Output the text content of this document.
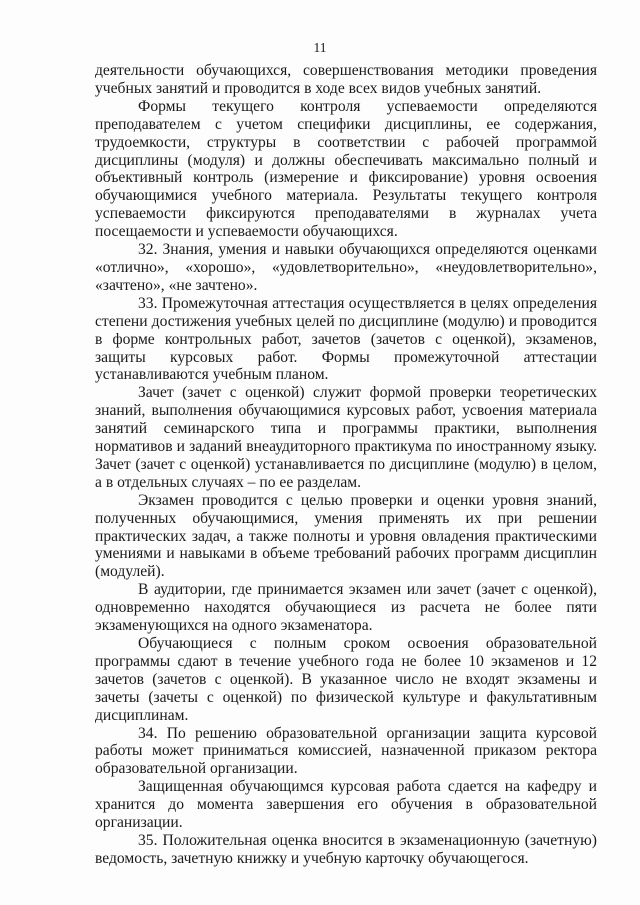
11

деятельности обучающихся, совершенствования методики проведения учебных занятий и проводится в ходе всех видов учебных занятий.

Формы текущего контроля успеваемости определяются преподавателем с учетом специфики дисциплины, ее содержания, трудоемкости, структуры в соответствии с рабочей программой дисциплины (модуля) и должны обеспечивать максимально полный и объективный контроль (измерение и фиксирование) уровня освоения обучающимися учебного материала. Результаты текущего контроля успеваемости фиксируются преподавателями в журналах учета посещаемости и успеваемости обучающихся.

32. Знания, умения и навыки обучающихся определяются оценками «отлично», «хорошо», «удовлетворительно», «неудовлетворительно», «зачтено», «не зачтено».

33. Промежуточная аттестация осуществляется в целях определения степени достижения учебных целей по дисциплине (модулю) и проводится в форме контрольных работ, зачетов (зачетов с оценкой), экзаменов, защиты курсовых работ. Формы промежуточной аттестации устанавливаются учебным планом.

Зачет (зачет с оценкой) служит формой проверки теоретических знаний, выполнения обучающимися курсовых работ, усвоения материала занятий семинарского типа и программы практики, выполнения нормативов и заданий внеаудиторного практикума по иностранному языку. Зачет (зачет с оценкой) устанавливается по дисциплине (модулю) в целом, а в отдельных случаях – по ее разделам.

Экзамен проводится с целью проверки и оценки уровня знаний, полученных обучающимися, умения применять их при решении практических задач, а также полноты и уровня овладения практическими умениями и навыками в объеме требований рабочих программ дисциплин (модулей).

В аудитории, где принимается экзамен или зачет (зачет с оценкой), одновременно находятся обучающиеся из расчета не более пяти экзаменующихся на одного экзаменатора.

Обучающиеся с полным сроком освоения образовательной программы сдают в течение учебного года не более 10 экзаменов и 12 зачетов (зачетов с оценкой). В указанное число не входят экзамены и зачеты (зачеты с оценкой) по физической культуре и факультативным дисциплинам.

34. По решению образовательной организации защита курсовой работы может приниматься комиссией, назначенной приказом ректора образовательной организации.

Защищенная обучающимся курсовая работа сдается на кафедру и хранится до момента завершения его обучения в образовательной организации.

35. Положительная оценка вносится в экзаменационную (зачетную) ведомость, зачетную книжку и учебную карточку обучающегося.
